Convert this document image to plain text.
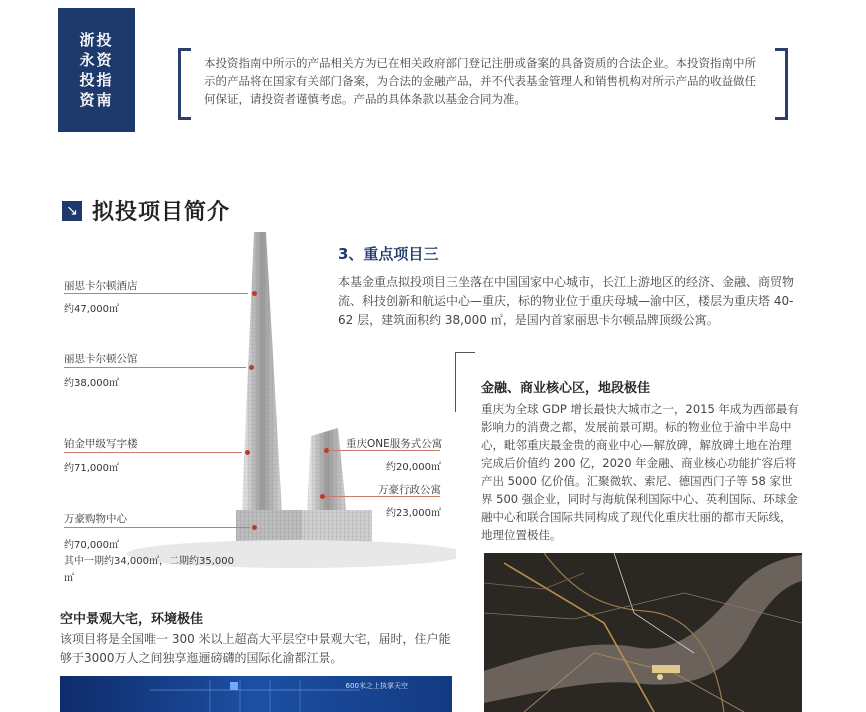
浙投
永资
投指
资南

本投资指南中所示的产品相关方为已在相关政府部门登记注册或备案的具备资质的合法企业。本投资指南中所示的产品将在国家有关部门备案，为合法的金融产品，并不代表基金管理人和销售机构对所示产品的收益做任何保证，请投资者谨慎考虑。产品的具体条款以基金合同为准。

↘ 拟投项目简介
丽思卡尔顿酒店
约47,000㎡
丽思卡尔顿公馆
约38,000㎡
铂金甲级写字楼
约71,000㎡
万豪购物中心
约70,000㎡
其中一期约34,000㎡，二期约35,000㎡
重庆ONE服务式公寓
约20,000㎡
万豪行政公寓
约23,000㎡
3、重点项目三

本基金重点拟投项目三坐落在中国国家中心城市，长江上游地区的经济、金融、商贸物流、科技创新和航运中心—重庆，标的物业位于重庆母城—渝中区，楼层为重庆塔 40-62 层，建筑面积约 38,000 ㎡，是国内首家丽思卡尔顿品牌顶级公寓。

金融、商业核心区，地段极佳

重庆为全球 GDP 增长最快大城市之一，2015 年成为西部最有影响力的消费之都，发展前景可期。标的物业位于渝中半岛中心，毗邻重庆最金贵的商业中心—解放碑，解放碑土地在治理完成后价值约 200 亿，2020 年金融、商业核心功能扩容后将产出 5000 亿价值。汇聚微软、索尼、德国西门子等 58 家世界 500 强企业，同时与海航保利国际中心、英利国际、环球金融中心和联合国际共同构成了现代化重庆壮丽的都市天际线，地理位置极佳。

空中景观大宅，环境极佳

该项目将是全国唯一 300 米以上超高大平层空中景观大宅，届时，住户能够于3000万人之间独享迤逦磅礴的国际化渝都江景。

600米之上执掌天空
